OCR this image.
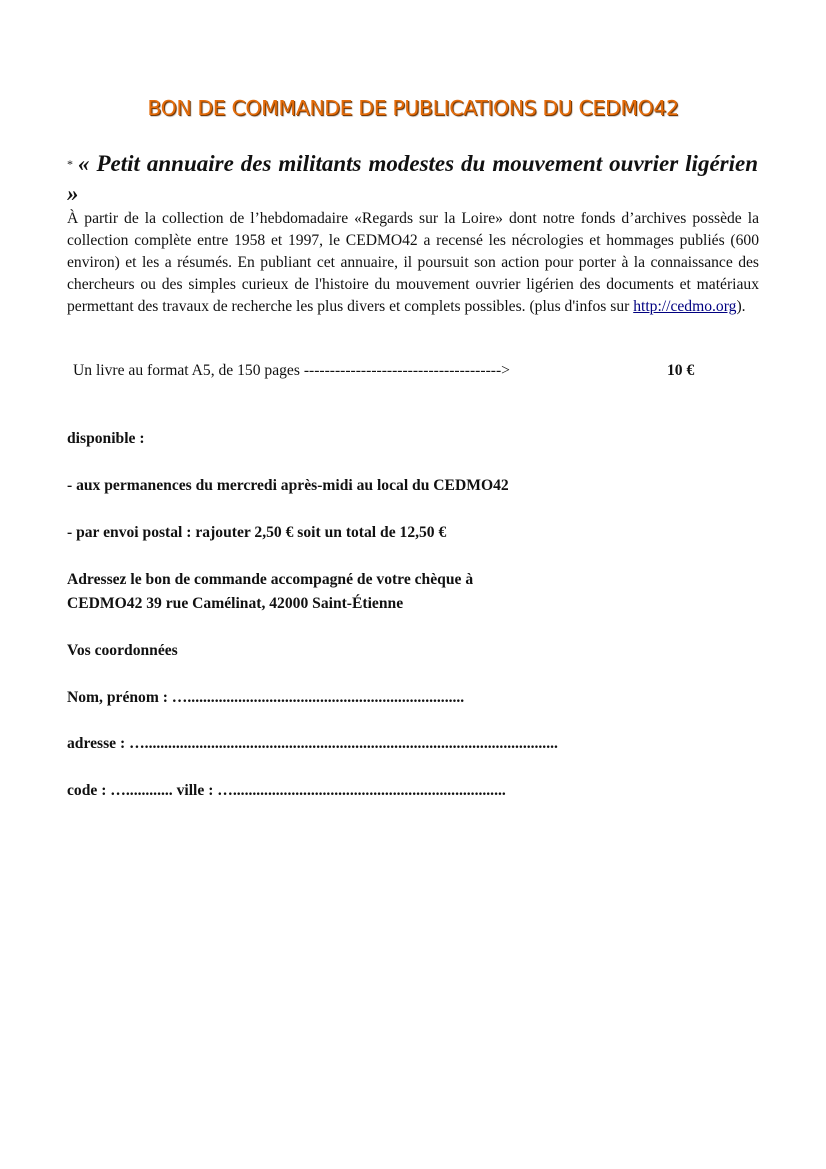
BON DE COMMANDE DE PUBLICATIONS DU CEDMO42
* « Petit annuaire des militants modestes du mouvement ouvrier ligérien »

À partir de la collection de l’hebdomadaire «Regards sur la Loire» dont notre fonds d’archives possède la collection complète entre 1958 et 1997, le CEDMO42 a recensé les nécrologies et hommages publiés (600 environ) et les a résumés. En publiant cet annuaire, il poursuit son action pour porter à la connaissance des chercheurs ou des simples curieux de l'histoire du mouvement ouvrier ligérien des documents et matériaux permettant des travaux de recherche les plus divers et complets possibles. (plus d'infos sur http://cedmo.org).

Un livre au format A5, de 150 pages -------------------------------------->	10 €
disponible :
- aux permanences du mercredi après-midi au local du CEDMO42
- par envoi postal : rajouter 2,50 € soit un total de 12,50 €
Adressez le bon de commande accompagné de votre chèque à
CEDMO42 39 rue Camélinat, 42000 Saint-Étienne
Vos coordonnées
Nom, prénom : ….......................................................................
adresse : …..........................................................................................................
code : …............ ville : …......................................................................
